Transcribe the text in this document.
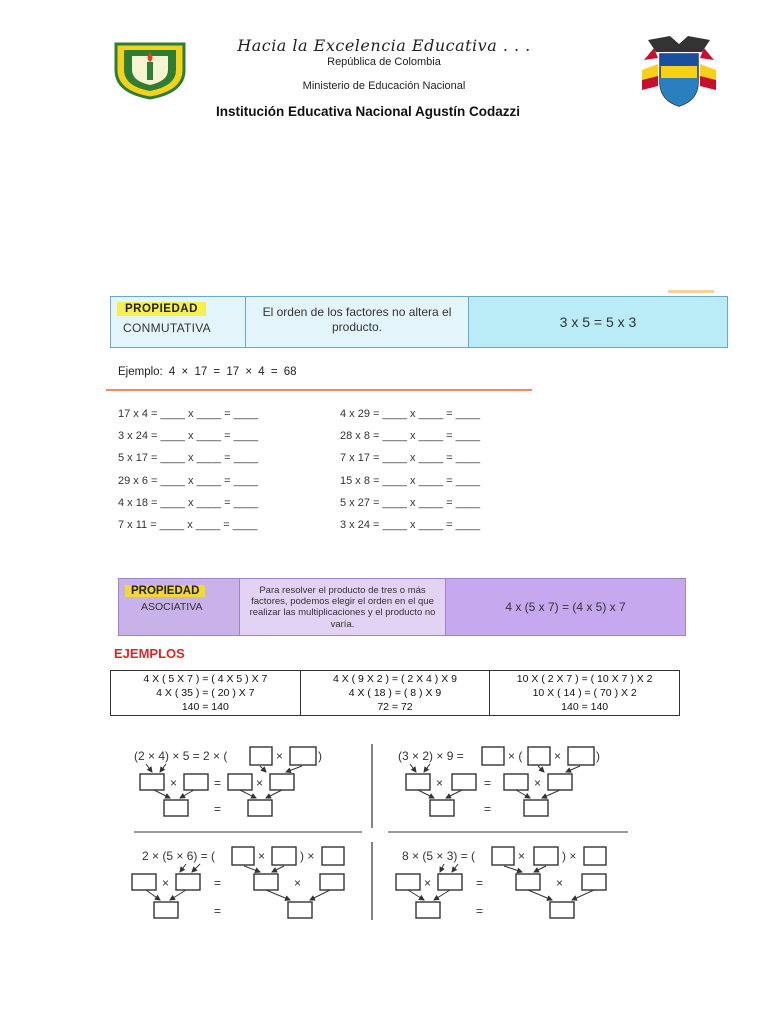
Hacia la Excelencia Educativa . . .
República de Colombia
Ministerio de Educación Nacional
Institución Educativa Nacional Agustín Codazzi
PROPIEDAD
CONMUTATIVA
El orden de los factores no altera el producto.	3 x 5 = 5 x 3
Ejemplo: 4 × 17 = 17 × 4 = 68
17 x 4 = ____ x ____ = ____
3 x 24 = ____ x ____ = ____
5 x 17 = ____ x ____ = ____
29 x 6 = ____ x ____ = ____
4 x 18 = ____ x ____ = ____
7 x 11 = ____ x ____ = ____
4 x 29 = ____ x ____ = ____
28 x 8 = ____ x ____ = ____
7 x 17 = ____ x ____ = ____
15 x 8 = ____ x ____ = ____
5 x 27 = ____ x ____ = ____
3 x 24 = ____ x ____ = ____
PROPIEDAD
ASOCIATIVA
Para resolver el producto de tres o más factores, podemos elegir el orden en el que realizar las multiplicaciones y el producto no varía.
4 x (5 x 7) = (4 x 5) x 7
EJEMPLOS
4 X ( 5 X 7 ) = ( 4 X 5 ) X 7
4 X ( 35 ) = ( 20 ) X 7
140 = 140

4 X ( 9 X 2 ) = ( 2 X 4 ) X 9
4 X ( 18 ) = ( 8 ) X 9
72 = 72

10 X ( 2 X 7 ) = ( 10 X 7 ) X 2
10 X ( 14 ) = ( 70 ) X 2
140 = 140
(2 × 4) × 5 = 2 × (	×	)
×	=	×
=
(3 × 2) × 9 =	× (	×	)
×	=	×
=
2 × (5 × 6) = (	×	) ×
×	=	×
=
8 × (5 × 3) = (	×	) ×
×	=	×
=
